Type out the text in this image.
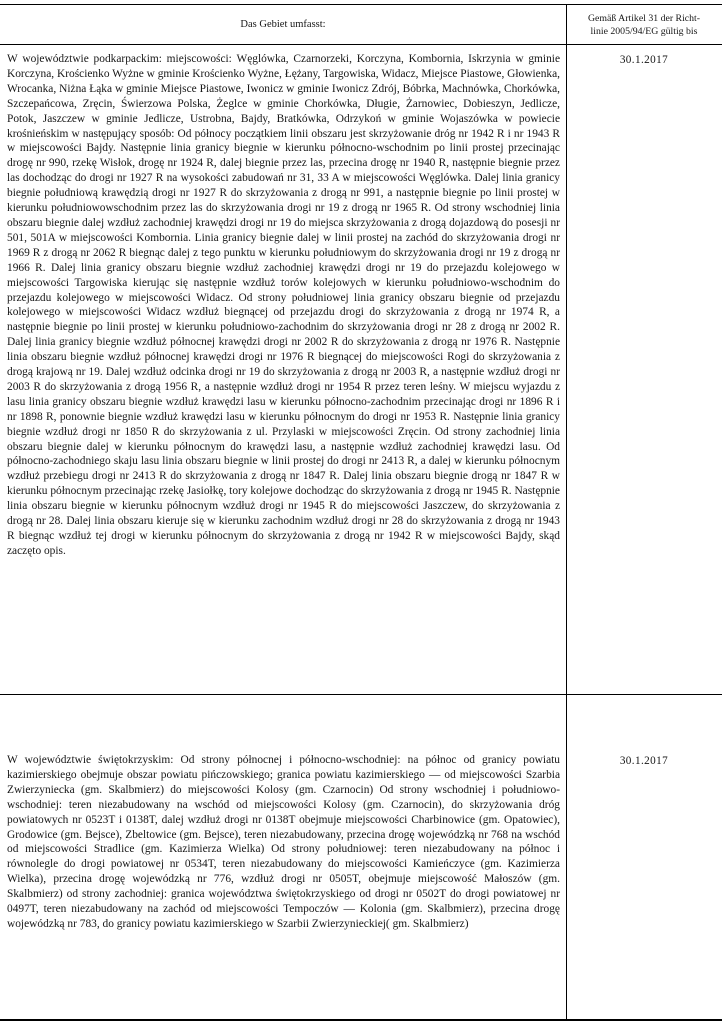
Das Gebiet umfasst:
Gemäß Artikel 31 der Richt-
linie 2005/94/EG gültig bis

W województwie podkarpackim: miejscowości: Węglówka, Czarnorzeki, Korczyna, Kombornia, Iskrzynia w gminie Korczyna, Krościenko Wyżne w gminie Krościenko Wyżne, Łężany, Targowiska, Widacz, Miejsce Piastowe, Głowienka, Wrocanka, Niżna Łąka w gminie Miejsce Piastowe, Iwonicz w gminie Iwonicz Zdrój, Bóbrka, Machnówka, Chorkówka, Szczepańcowa, Zręcin, Świerzowa Polska, Żeglce w gminie Chorkówka, Długie, Żarnowiec, Dobieszyn, Jedlicze, Potok, Jaszczew w gminie Jedlicze, Ustrobna, Bajdy, Bratkówka, Odrzykoń w gminie Wojaszówka w powiecie krośnieńskim w następujący sposób: Od północy początkiem linii obszaru jest skrzyżowanie dróg nr 1942 R i nr 1943 R w miejscowości Bajdy. Następnie linia granicy biegnie w kierunku północno-wschodnim po linii prostej przecinając drogę nr 990, rzekę Wisłok, drogę nr 1924 R, dalej biegnie przez las, przecina drogę nr 1940 R, następnie biegnie przez las dochodząc do drogi nr 1927 R na wysokości zabudowań nr 31, 33 A w miejscowości Węglówka. Dalej linia granicy biegnie południową krawędzią drogi nr 1927 R do skrzyżowania z drogą nr 991, a następnie biegnie po linii prostej w kierunku południowowschodnim przez las do skrzyżowania drogi nr 19 z drogą nr 1965 R. Od strony wschodniej linia obszaru biegnie dalej wzdłuż zachodniej krawędzi drogi nr 19 do miejsca skrzyżowania z drogą dojazdową do posesji nr 501, 501A w miejscowości Kombornia. Linia granicy biegnie dalej w linii prostej na zachód do skrzyżowania drogi nr 1969 R z drogą nr 2062 R biegnąc dalej z tego punktu w kierunku południowym do skrzyżowania drogi nr 19 z drogą nr 1966 R. Dalej linia granicy obszaru biegnie wzdłuż zachodniej krawędzi drogi nr 19 do przejazdu kolejowego w miejscowości Targowiska kierując się następnie wzdłuż torów kolejowych w kierunku południowo-wschodnim do przejazdu kolejowego w miejscowości Widacz. Od strony południowej linia granicy obszaru biegnie od przejazdu kolejowego w miejscowości Widacz wzdłuż biegnącej od przejazdu drogi do skrzyżowania z drogą nr 1974 R, a następnie biegnie po linii prostej w kierunku południowo-zachodnim do skrzyżowania drogi nr 28 z drogą nr 2002 R. Dalej linia granicy biegnie wzdłuż północnej krawędzi drogi nr 2002 R do skrzyżowania z drogą nr 1976 R. Następnie linia obszaru biegnie wzdłuż północnej krawędzi drogi nr 1976 R biegnącej do miejscowości Rogi do skrzyżowania z drogą krajową nr 19. Dalej wzdłuż odcinka drogi nr 19 do skrzyżowania z drogą nr 2003 R, a następnie wzdłuż drogi nr 2003 R do skrzyżowania z drogą 1956 R, a następnie wzdłuż drogi nr 1954 R przez teren leśny. W miejscu wyjazdu z lasu linia granicy obszaru biegnie wzdłuż krawędzi lasu w kierunku północno-zachodnim przecinając drogi nr 1896 R i nr 1898 R, ponownie biegnie wzdłuż krawędzi lasu w kierunku północnym do drogi nr 1953 R. Następnie linia granicy biegnie wzdłuż drogi nr 1850 R do skrzyżowania z ul. Przylaski w miejscowości Zręcin. Od strony zachodniej linia obszaru biegnie dalej w kierunku północnym do krawędzi lasu, a następnie wzdłuż zachodniej krawędzi lasu. Od północno-zachodniego skaju lasu linia obszaru biegnie w linii prostej do drogi nr 2413 R, a dalej w kierunku północnym wzdłuż przebiegu drogi nr 2413 R do skrzyżowania z drogą nr 1847 R. Dalej linia obszaru biegnie drogą nr 1847 R w kierunku północnym przecinając rzekę Jasiołkę, tory kolejowe dochodząc do skrzyżowania z drogą nr 1945 R. Następnie linia obszaru biegnie w kierunku północnym wzdłuż drogi nr 1945 R do miejscowości Jaszczew, do skrzyżowania z drogą nr 28. Dalej linia obszaru kieruje się w kierunku zachodnim wzdłuż drogi nr 28 do skrzyżowania z drogą nr 1943 R biegnąc wzdłuż tej drogi w kierunku północnym do skrzyżowania z drogą nr 1942 R w miejscowości Bajdy, skąd zaczęto opis.

30.1.2017

W województwie świętokrzyskim: Od strony północnej i północno-wschodniej: na północ od granicy powiatu kazimierskiego obejmuje obszar powiatu pińczowskiego; granica powiatu kazimierskiego — od miejscowości Szarbia Zwierzyniecka (gm. Skalbmierz) do miejscowości Kolosy (gm. Czarnocin) Od strony wschodniej i południowo- wschodniej: teren niezabudowany na wschód od miejscowości Kolosy (gm. Czarnocin), do skrzyżowania dróg powiatowych nr 0523T i 0138T, dalej wzdłuż drogi nr 0138T obejmuje miejscowości Charbinowice (gm. Opatowiec), Grodowice (gm. Bejsce), Zbeltowice (gm. Bejsce), teren niezabudowany, przecina drogę wojewódzką nr 768 na wschód od miejscowości Stradlice (gm. Kazimierza Wielka) Od strony południowej: teren niezabudowany na północ i równolegle do drogi powiatowej nr 0534T, teren niezabudowany do miejscowości Kamieńczyce (gm. Kazimierza Wielka), przecina drogę wojewódzką nr 776, wzdłuż drogi nr 0505T, obejmuje miejscowość Małoszów (gm. Skalbmierz) od strony zachodniej: granica województwa świętokrzyskiego od drogi nr 0502T do drogi powiatowej nr 0497T, teren niezabudowany na zachód od miejscowości Tempoczów — Kolonia (gm. Skalbmierz), przecina drogę wojewódzką nr 783, do granicy powiatu kazimierskiego w Szarbii Zwierzynieckiej( gm. Skalbmierz)

30.1.2017
